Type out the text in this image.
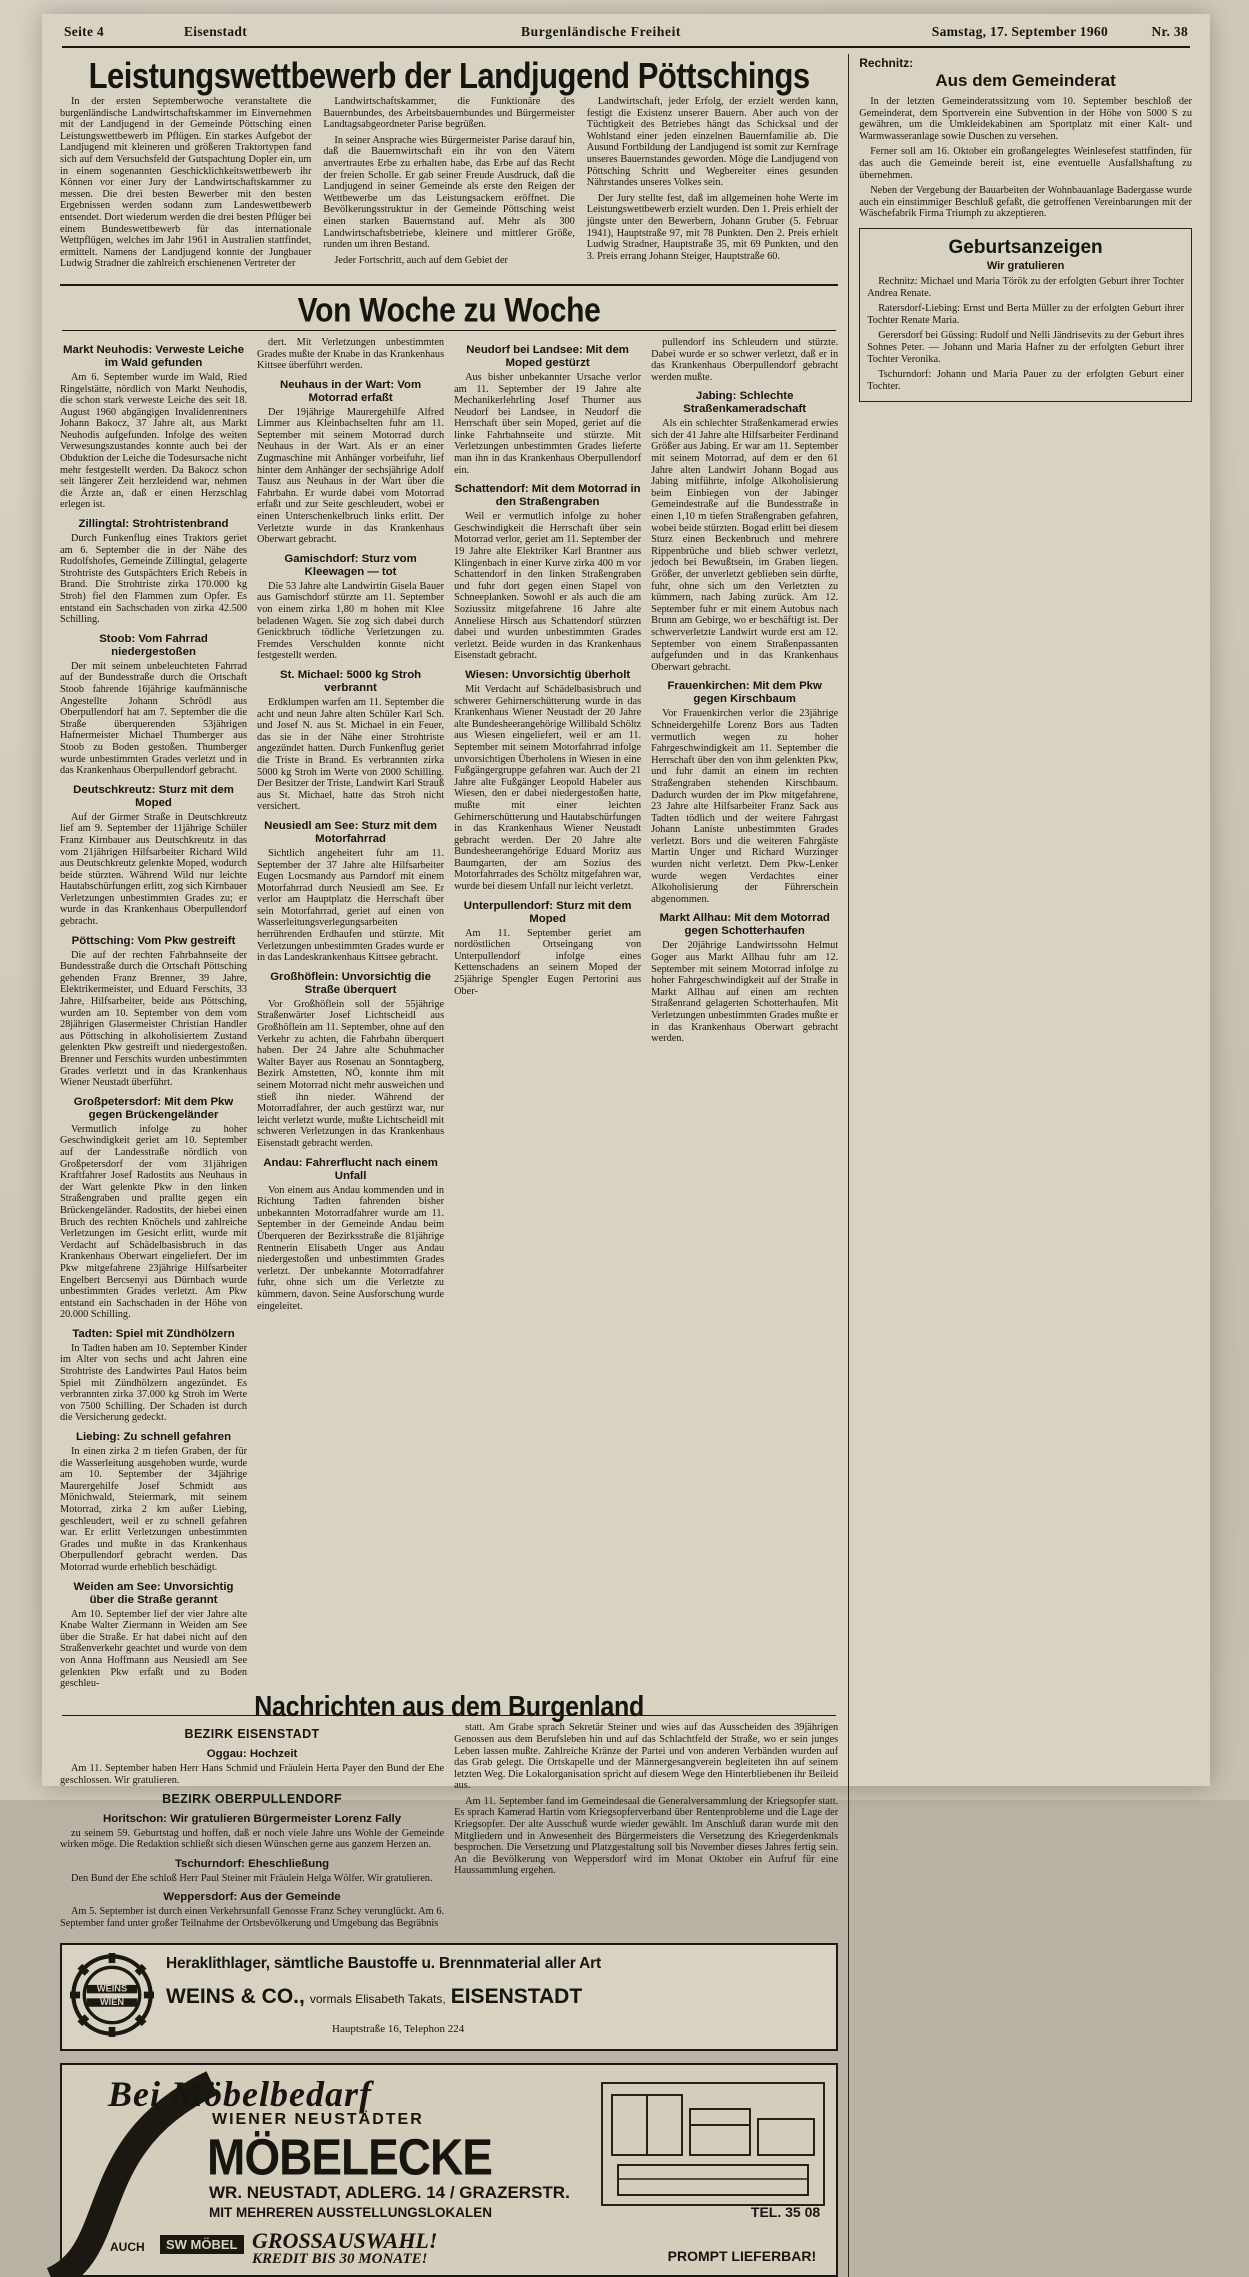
Seite 4	Eisenstadt	Burgenländische Freiheit	Samstag, 17. September 1960	Nr. 38
Leistungswettbewerb der Landjugend Pöttschings

In der ersten Septemberwoche veranstaltete die burgenländische Landwirtschaftskammer im Einvernehmen mit der Landjugend in der Gemeinde Pöttsching einen Leistungswettbewerb im Pflügen. Ein starkes Aufgebot der Landjugend mit kleineren und größeren Traktortypen fand sich auf dem Versuchsfeld der Gutspachtung Dopler ein, um in einem sogenannten Geschicklichkeitswettbewerb ihr Können vor einer Jury der Landwirtschaftskammer zu messen. Die drei besten Bewerber mit den besten Ergebnissen werden sodann zum Landeswettbewerb entsendet. Dort wiederum werden die drei besten Pflüger bei einem Bundeswettbewerb für das internationale Wettpflügen, welches im Jahr 1961 in Australien stattfindet, ermittelt. Namens der Landjugend konnte der Jungbauer Ludwig Stradner die zahlreich erschienenen Vertreter der

Landwirtschaftskammer, die Funktionäre des Bauernbundes, des Arbeitsbauernbundes und Bürgermeister Landtagsabgeordneter Parise begrüßen.

In seiner Ansprache wies Bürgermeister Parise darauf hin, daß die Bauernwirtschaft ein ihr von den Vätern anvertrautes Erbe zu erhalten habe, das Erbe auf das Recht der freien Scholle. Er gab seiner Freude Ausdruck, daß die Landjugend in seiner Gemeinde als erste den Reigen der Wettbewerbe um das Leistungsackern eröffnet. Die Bevölkerungsstruktur in der Gemeinde Pöttsching weist einen starken Bauernstand auf. Mehr als 300 Landwirtschaftsbetriebe, kleinere und mittlerer Größe, runden um ihren Bestand.

Jeder Fortschritt, auch auf dem Gebiet der

Landwirtschaft, jeder Erfolg, der erzielt werden kann, festigt die Existenz unserer Bauern. Aber auch von der Tüchtigkeit des Betriebes hängt das Schicksal und der Wohlstand einer jeden einzelnen Bauernfamilie ab. Die Ausund Fortbildung der Landjugend ist somit zur Kernfrage unseres Bauernstandes geworden. Möge die Landjugend von Pöttsching Schritt und Wegbereiter eines gesunden Nährstandes unseres Volkes sein.

Der Jury stellte fest, daß im allgemeinen hohe Werte im Leistungswettbewerb erzielt wurden. Den 1. Preis erhielt der jüngste unter den Bewerbern, Johann Gruber (5. Februar 1941), Hauptstraße 97, mit 78 Punkten. Den 2. Preis erhielt Ludwig Stradner, Hauptstraße 35, mit 69 Punkten, und den 3. Preis errang Johann Steiger, Hauptstraße 60.

Von Woche zu Woche
Markt Neuhodis: Verweste Leiche im Wald gefunden

Am 6. September wurde im Wald, Ried Ringelstätte, nördlich von Markt Neuhodis, die schon stark verweste Leiche des seit 18. August 1960 abgängigen Invalidenrentners Johann Bakocz, 37 Jahre alt, aus Markt Neuhodis aufgefunden. Infolge des weiten Verwesungszustandes konnte auch bei der Obduktion der Leiche die Todesursache nicht mehr festgestellt werden. Da Bakocz schon seit längerer Zeit herzleidend war, nehmen die Ärzte an, daß er einen Herzschlag erlegen ist.

Zillingtal: Strohtristenbrand

Durch Funkenflug eines Traktors geriet am 6. September die in der Nähe des Rudolfshofes, Gemeinde Zillingtal, gelagerte Strohtriste des Gutspächters Erich Rebeis in Brand. Die Strohtriste zirka 170.000 kg Stroh) fiel den Flammen zum Opfer. Es entstand ein Sachschaden von zirka 42.500 Schilling.

Stoob: Vom Fahrrad niedergestoßen

Der mit seinem unbeleuchteten Fahrrad auf der Bundesstraße durch die Ortschaft Stoob fahrende 16jährige kaufmännische Angestellte Johann Schrödl aus Oberpullendorf hat am 7. September die die Straße überquerenden 53jährigen Hafnermeister Michael Thumberger aus Stoob zu Boden gestoßen. Thumberger wurde unbestimmten Grades verletzt und in das Krankenhaus Oberpullendorf gebracht.

Deutschkreutz: Sturz mit dem Moped

Auf der Girmer Straße in Deutschkreutz lief am 9. September der 11jährige Schüler Franz Kirnbauer aus Deutschkreutz in das vom 21jährigen Hilfsarbeiter Richard Wild aus Deutschkreutz gelenkte Moped, wodurch beide stürzten. Während Wild nur leichte Hautabschürfungen erlitt, zog sich Kirnbauer Verletzungen unbestimmten Grades zu; er wurde in das Krankenhaus Oberpullendorf gebracht.

Pöttsching: Vom Pkw gestreift

Die auf der rechten Fahrbahnseite der Bundesstraße durch die Ortschaft Pöttsching gehenden Franz Brenner, 39 Jahre, Elektrikermeister, und Eduard Ferschits, 33 Jahre, Hilfsarbeiter, beide aus Pöttsching, wurden am 10. September von dem vom 28jährigen Glasermeister Christian Handler aus Pöttsching in alkoholisiertem Zustand gelenkten Pkw gestreift und niedergestoßen. Brenner und Ferschits wurden unbestimmten Grades verletzt und in das Krankenhaus Wiener Neustadt überführt.

Großpetersdorf: Mit dem Pkw gegen Brückengeländer

Vermutlich infolge zu hoher Geschwindigkeit geriet am 10. September auf der Landesstraße nördlich von Großpetersdorf der vom 31jährigen Kraftfahrer Josef Radostits aus Neuhaus in der Wart gelenkte Pkw in den linken Straßengraben und prallte gegen ein Brückengeländer. Radostits, der hiebei einen Bruch des rechten Knöchels und zahlreiche Verletzungen im Gesicht erlitt, wurde mit Verdacht auf Schädelbasisbruch in das Krankenhaus Oberwart eingeliefert. Der im Pkw mitgefahrene 23jährige Hilfsarbeiter Engelbert Bercsenyi aus Dürnbach wurde unbestimmten Grades verletzt. Am Pkw entstand ein Sachschaden in der Höhe von 20.000 Schilling.

Tadten: Spiel mit Zündhölzern

In Tadten haben am 10. September Kinder im Alter von sechs und acht Jahren eine Strohtriste des Landwirtes Paul Hatos beim Spiel mit Zündhölzern angezündet. Es verbrannten zirka 37.000 kg Stroh im Werte von 7500 Schilling. Der Schaden ist durch die Versicherung gedeckt.

Liebing: Zu schnell gefahren

In einen zirka 2 m tiefen Graben, der für die Wasserleitung ausgehoben wurde, wurde am 10. September der 34jährige Maurergehilfe Josef Schmidt aus Mönichwald, Steiermark, mit seinem Motorrad, zirka 2 km außer Liebing, geschleudert, weil er zu schnell gefahren war. Er erlitt Verletzungen unbestimmten Grades und mußte in das Krankenhaus Oberpullendorf gebracht werden. Das Motorrad wurde erheblich beschädigt.

Weiden am See: Unvorsichtig über die Straße gerannt

Am 10. September lief der vier Jahre alte Knabe Walter Ziermann in Weiden am See über die Straße. Er hat dabei nicht auf den Straßenverkehr geachtet und wurde von dem von Anna Hoffmann aus Neusiedl am See gelenkten Pkw erfaßt und zu Boden geschleu-

dert. Mit Verletzungen unbestimmten Grades mußte der Knabe in das Krankenhaus Kittsee überführt werden.

Neuhaus in der Wart: Vom Motorrad erfaßt

Der 19jährige Maurergehilfe Alfred Limmer aus Kleinbachselten fuhr am 11. September mit seinem Motorrad durch Neuhaus in der Wart. Als er an einer Zugmaschine mit Anhänger vorbeifuhr, lief hinter dem Anhänger der sechsjährige Adolf Tausz aus Neuhaus in der Wart über die Fahrbahn. Er wurde dabei vom Motorrad erfaßt und zur Seite geschleudert, wobei er einen Unterschenkelbruch links erlitt. Der Verletzte wurde in das Krankenhaus Oberwart gebracht.

Gamischdorf: Sturz vom Kleewagen — tot

Die 53 Jahre alte Landwirtin Gisela Bauer aus Gamischdorf stürzte am 11. September von einem zirka 1,80 m hohen mit Klee beladenen Wagen. Sie zog sich dabei durch Genickbruch tödliche Verletzungen zu. Fremdes Verschulden konnte nicht festgestellt werden.

St. Michael: 5000 kg Stroh verbrannt

Erdklumpen warfen am 11. September die acht und neun Jahre alten Schüler Karl Sch. und Josef N. aus St. Michael in ein Feuer, das sie in der Nähe einer Strohtriste angezündet hatten. Durch Funkenflug geriet die Triste in Brand. Es verbrannten zirka 5000 kg Stroh im Werte von 2000 Schilling. Der Besitzer der Triste, Landwirt Karl Strauß aus St. Michael, hatte das Stroh nicht versichert.

Neusiedl am See: Sturz mit dem Motorfahrrad

Sichtlich angeheitert fuhr am 11. September der 37 Jahre alte Hilfsarbeiter Eugen Locsmandy aus Parndorf mit einem Motorfahrrad durch Neusiedl am See. Er verlor am Hauptplatz die Herrschaft über sein Motorfahrrad, geriet auf einen von Wasserleitungsverlegungsarbeiten herrührenden Erdhaufen und stürzte. Mit Verletzungen unbestimmten Grades wurde er in das Landeskrankenhaus Kittsee gebracht.

Großhöflein: Unvorsichtig die Straße überquert

Vor Großhöflein soll der 55jährige Straßenwärter Josef Lichtscheidl aus Großhöflein am 11. September, ohne auf den Verkehr zu achten, die Fahrbahn überquert haben. Der 24 Jahre alte Schuhmacher Walter Bayer aus Rosenau an Sonntagberg, Bezirk Amstetten, NÖ, konnte ihm mit seinem Motorrad nicht mehr ausweichen und stieß ihn nieder. Während der Motorradfahrer, der auch gestürzt war, nur leicht verletzt wurde, mußte Lichtscheidl mit schweren Verletzungen in das Krankenhaus Eisenstadt gebracht werden.

Andau: Fahrerflucht nach einem Unfall

Von einem aus Andau kommenden und in Richtung Tadten fahrenden bisher unbekannten Motorradfahrer wurde am 11. September in der Gemeinde Andau beim Überqueren der Bezirksstraße die 81jährige Rentnerin Elisabeth Unger aus Andau niedergestoßen und unbestimmten Grades verletzt. Der unbekannte Motorradfahrer fuhr, ohne sich um die Verletzte zu kümmern, davon. Seine Ausforschung wurde eingeleitet.

Neudorf bei Landsee: Mit dem Moped gestürzt

Aus bisher unbekannter Ursache verlor am 11. September der 19 Jahre alte Mechanikerlehrling Josef Thurner aus Neudorf bei Landsee, in Neudorf die Herrschaft über sein Moped, geriet auf die linke Fahrbahnseite und stürzte. Mit Verletzungen unbestimmten Grades lieferte man ihn in das Krankenhaus Oberpullendorf ein.

Schattendorf: Mit dem Motorrad in den Straßengraben

Weil er vermutlich infolge zu hoher Geschwindigkeit die Herrschaft über sein Motorrad verlor, geriet am 11. September der 19 Jahre alte Elektriker Karl Brantner aus Klingenbach in einer Kurve zirka 400 m vor Schattendorf in den linken Straßengraben und fuhr dort gegen einen Stapel von Schneeplanken. Sowohl er als auch die am Soziussitz mitgefahrene 16 Jahre alte Anneliese Hirsch aus Schattendorf stürzten dabei und wurden unbestimmten Grades verletzt. Beide wurden in das Krankenhaus Eisenstadt gebracht.

Wiesen: Unvorsichtig überholt

Mit Verdacht auf Schädelbasisbruch und schwerer Gehirnerschütterung wurde in das Krankenhaus Wiener Neustadt der 20 Jahre alte Bundesheerangehörige Willibald Schöltz aus Wiesen eingeliefert, weil er am 11. September mit seinem Motorfahrrad infolge unvorsichtigen Überholens in Wiesen in eine Fußgängergruppe gefahren war. Auch der 21 Jahre alte Fußgänger Leopold Habeler aus Wiesen, den er dabei niedergestoßen hatte, mußte mit einer leichten Gehirnerschütterung und Hautabschürfungen in das Krankenhaus Wiener Neustadt gebracht werden. Der 20 Jahre alte Bundesheerangehörige Eduard Moritz aus Baumgarten, der am Sozius des Motorfahrrades des Schöltz mitgefahren war, wurde bei diesem Unfall nur leicht verletzt.

Unterpullendorf: Sturz mit dem Moped

Am 11. September geriet am nordöstlichen Ortseingang von Unterpullendorf infolge eines Kettenschadens an seinem Moped der 25jährige Spengler Eugen Pertorini aus Ober-

pullendorf ins Schleudern und stürzte. Dabei wurde er so schwer verletzt, daß er in das Krankenhaus Oberpullendorf gebracht werden mußte.

Jabing: Schlechte Straßenkameradschaft

Als ein schlechter Straßenkamerad erwies sich der 41 Jahre alte Hilfsarbeiter Ferdinand Größer aus Jabing. Er war am 11. September mit seinem Motorrad, auf dem er den 61 Jahre alten Landwirt Johann Bogad aus Jabing mitführte, infolge Alkoholisierung beim Einbiegen von der Jabinger Gemeindestraße auf die Bundesstraße in einen 1,10 m tiefen Straßengraben gefahren, wobei beide stürzten. Bogad erlitt bei diesem Sturz einen Beckenbruch und mehrere Rippenbrüche und blieb schwer verletzt, jedoch bei Bewußtsein, im Graben liegen. Größer, der unverletzt geblieben sein dürfte, fuhr, ohne sich um den Verletzten zu kümmern, nach Jabing zurück. Am 12. September fuhr er mit einem Autobus nach Brunn am Gebirge, wo er beschäftigt ist. Der schwerverletzte Landwirt wurde erst am 12. September von einem Straßenpassanten aufgefunden und in das Krankenhaus Oberwart gebracht.

Frauenkirchen: Mit dem Pkw gegen Kirschbaum

Vor Frauenkirchen verlor die 23jährige Schneidergehilfe Lorenz Bors aus Tadten vermutlich wegen zu hoher Fahrgeschwindigkeit am 11. September die Herrschaft über den von ihm gelenkten Pkw, und fuhr damit an einem im rechten Straßengraben stehenden Kirschbaum. Dadurch wurden der im Pkw mitgefahrene, 23 Jahre alte Hilfsarbeiter Franz Sack aus Tadten tödlich und der weitere Fahrgast Johann Laniste unbestimmten Grades verletzt. Bors und die weiteren Fahrgäste Martin Unger und Richard Wurzinger wurden nicht verletzt. Dem Pkw-Lenker wurde wegen Verdachtes einer Alkoholisierung der Führerschein abgenommen.

Markt Allhau: Mit dem Motorrad gegen Schotterhaufen

Der 20jährige Landwirtssohn Helmut Goger aus Markt Allhau fuhr am 12. September mit seinem Motorrad infolge zu hoher Fahrgeschwindigkeit auf der Straße in Markt Allhau auf einen am rechten Straßenrand gelagerten Schotterhaufen. Mit Verletzungen unbestimmten Grades mußte er in das Krankenhaus Oberwart gebracht werden.

Nachrichten aus dem Burgenland
BEZIRK EISENSTADT
Oggau: Hochzeit

Am 11. September haben Herr Hans Schmid und Fräulein Herta Payer den Bund der Ehe geschlossen. Wir gratulieren.

BEZIRK OBERPULLENDORF
Horitschon: Wir gratulieren Bürgermeister Lorenz Fally

zu seinem 59. Geburtstag und hoffen, daß er noch viele Jahre uns Wohle der Gemeinde wirken möge. Die Redaktion schließt sich diesen Wünschen gerne aus ganzem Herzen an.

Tschurndorf: Eheschließung

Den Bund der Ehe schloß Herr Paul Steiner mit Fräulein Helga Wölfer. Wir gratulieren.

Weppersdorf: Aus der Gemeinde

Am 5. September ist durch einen Verkehrsunfall Genosse Franz Schey verunglückt. Am 6. September fand unter großer Teilnahme der Ortsbevölkerung und Umgebung das Begräbnis

statt. Am Grabe sprach Sekretär Steiner und wies auf das Ausscheiden des 39jährigen Genossen aus dem Berufsleben hin und auf das Schlachtfeld der Straße, wo er sein junges Leben lassen mußte. Zahlreiche Kränze der Partei und von anderen Verbänden wurden auf das Grab gelegt. Die Ortskapelle und der Männergesangverein begleiteten ihn auf seinem letzten Weg. Die Lokalorganisation spricht auf diesem Wege den Hinterbliebenen ihr Beileid aus.

Am 11. September fand im Gemeindesaal die Generalversammlung der Kriegsopfer statt. Es sprach Kamerad Hartin vom Kriegsopferverband über Rentenprobleme und die Lage der Kriegsopfer. Der alte Ausschuß wurde wieder gewählt. Im Anschluß daran wurde mit den Mitgliedern und in Anwesenheit des Bürgermeisters die Versetzung des Kriegerdenkmals besprochen. Die Versetzung und Platzgestaltung soll bis November dieses Jahres fertig sein. An die Bevölkerung von Weppersdorf wird im Monat Oktober ein Aufruf für eine Haussammlung ergehen.

WEINS
WIEN
Heraklithlager, sämtliche Baustoffe u. Brennmaterial aller Art
WEINS & CO., vormals Elisabeth Takats, EISENSTADT
Hauptstraße 16, Telephon 224
Bei Möbelbedarf
WIENER NEUSTÄDTER
MÖBELECKE
WR. NEUSTADT, ADLERG. 14 / GRAZERSTR.
MIT MEHREREN AUSSTELLUNGSLOKALEN	TEL. 35 08
AUCH	SW MÖBEL GROSSAUSWAHL!
KREDIT BIS 30 MONATE!	PROMPT LIEFERBAR!
Rechnitz:
Aus dem Gemeinderat

In der letzten Gemeinderatssitzung vom 10. September beschloß der Gemeinderat, dem Sportverein eine Subvention in der Höhe von 5000 S zu gewähren, um die Umkleidekabinen am Sportplatz mit einer Kalt- und Warmwasseranlage sowie Duschen zu versehen.

Ferner soll am 16. Oktober ein großangelegtes Weinlesefest stattfinden, für das auch die Gemeinde bereit ist, eine eventuelle Ausfallshaftung zu übernehmen.

Neben der Vergebung der Bauarbeiten der Wohnbauanlage Badergasse wurde auch ein einstimmiger Beschluß gefaßt, die getroffenen Vereinbarungen mit der Wäschefabrik Firma Triumph zu akzeptieren.

Geburtsanzeigen
Wir gratulieren

Rechnitz: Michael und Maria Török zu der erfolgten Geburt ihrer Tochter Andrea Renate.

Ratersdorf-Liebing: Ernst und Berta Müller zu der erfolgten Geburt ihrer Tochter Renate Maria.

Gerersdorf bei Güssing: Rudolf und Nelli Jändrisevits zu der Geburt ihres Sohnes Peter. — Johann und Maria Hafner zu der erfolgten Geburt ihrer Tochter Veronika.

Tschurndorf: Johann und Maria Pauer zu der erfolgten Geburt einer Tochter.
